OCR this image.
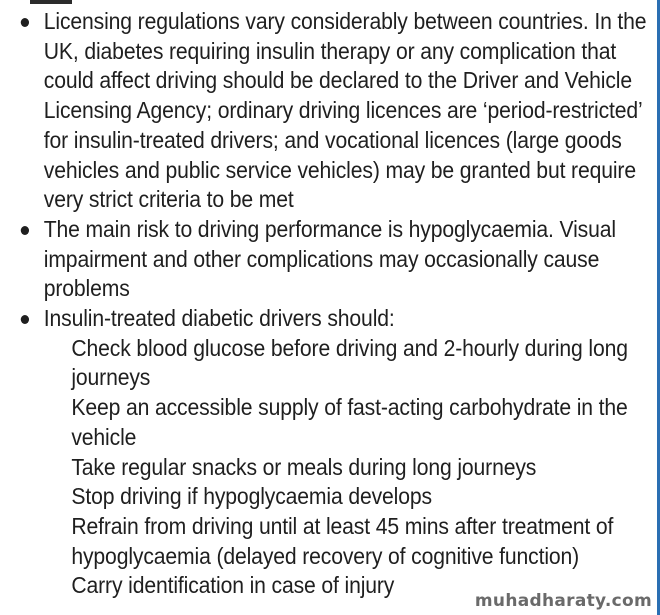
Licensing regulations vary considerably between countries. In the UK, diabetes requiring insulin therapy or any complication that could affect driving should be declared to the Driver and Vehicle Licensing Agency; ordinary driving licences are ‘period-restricted’ for insulin-treated drivers; and vocational licences (large goods vehicles and public service vehicles) may be granted but require very strict criteria to be met
The main risk to driving performance is hypoglycaemia. Visual impairment and other complications may occasionally cause problems
Insulin-treated diabetic drivers should:
Check blood glucose before driving and 2-hourly during long journeys
Keep an accessible supply of fast-acting carbohydrate in the vehicle
Take regular snacks or meals during long journeys
Stop driving if hypoglycaemia develops
Refrain from driving until at least 45 mins after treatment of hypoglycaemia (delayed recovery of cognitive function)
Carry identification in case of injury
muhadharaty.com
